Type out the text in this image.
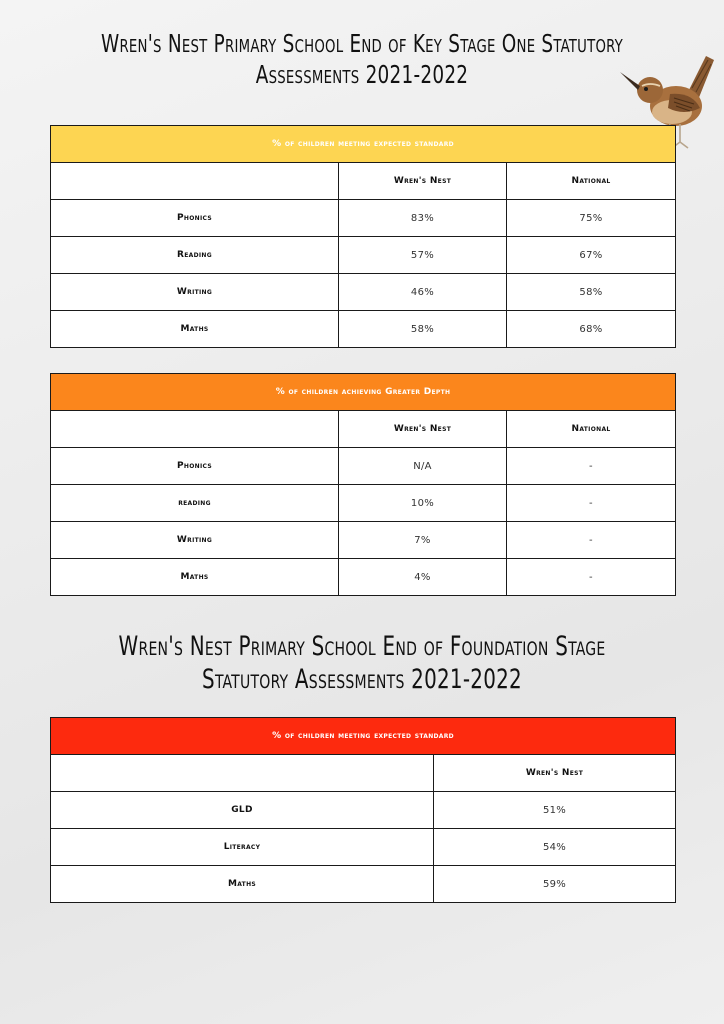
Wren's Nest Primary School End of Key Stage One Statutory
Assessments 2021-2022
% of children meeting expected standard		
	Wren's Nest	National
Phonics	83%	75%
Reading	57%	67%
Writing	46%	58%
Maths	58%	68%
% of children achieving Greater Depth		
	Wren's Nest	National
Phonics	N/A	-
reading	10%	-
Writing	7%	-
Maths	4%	-
Wren's Nest Primary School End of Foundation Stage
Statutory Assessments 2021-2022
% of children meeting expected standard	
	Wren's Nest
GLD	51%
Literacy	54%
Maths	59%
